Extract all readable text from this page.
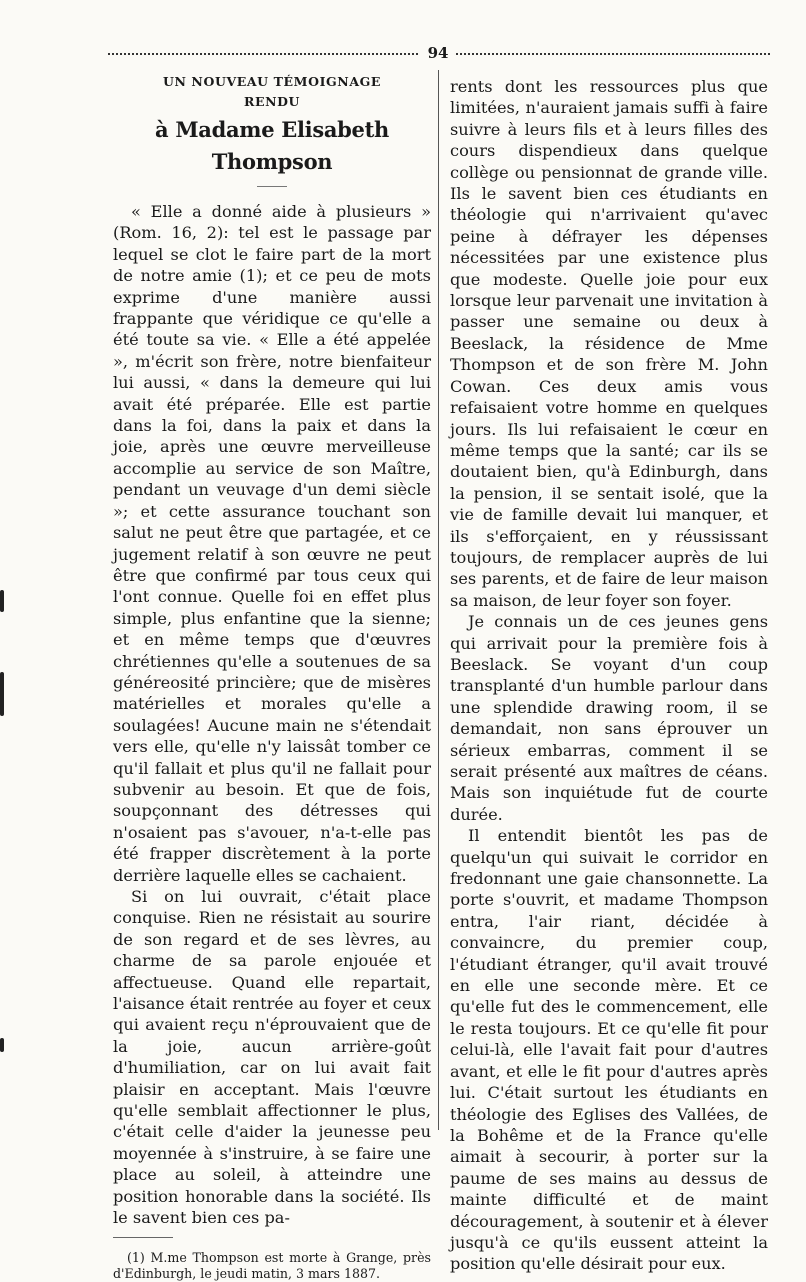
94
UN NOUVEAU TÉMOIGNAGE
RENDU
à Madame Elisabeth Thompson

« Elle a donné aide à plusieurs » (Rom. 16, 2): tel est le passage par lequel se clot le faire part de la mort de notre amie (1); et ce peu de mots exprime d'une manière aussi frappante que véridique ce qu'elle a été toute sa vie. « Elle a été appelée », m'écrit son frère, notre bienfaiteur lui aussi, « dans la demeure qui lui avait été préparée. Elle est partie dans la foi, dans la paix et dans la joie, après une œuvre merveilleuse accomplie au service de son Maître, pendant un veuvage d'un demi siècle »; et cette assurance touchant son salut ne peut être que partagée, et ce jugement relatif à son œuvre ne peut être que confirmé par tous ceux qui l'ont connue. Quelle foi en effet plus simple, plus enfantine que la sienne; et en même temps que d'œuvres chrétiennes qu'elle a soutenues de sa généreosité princière; que de misères matérielles et morales qu'elle a soulagées! Aucune main ne s'étendait vers elle, qu'elle n'y laissât tomber ce qu'il fallait et plus qu'il ne fallait pour subvenir au besoin. Et que de fois, soupçonnant des détresses qui n'osaient pas s'avouer, n'a-t-elle pas été frapper discrètement à la porte derrière laquelle elles se cachaient.

Si on lui ouvrait, c'était place conquise. Rien ne résistait au sourire de son regard et de ses lèvres, au charme de sa parole enjouée et affectueuse. Quand elle repartait, l'aisance était rentrée au foyer et ceux qui avaient reçu n'éprouvaient que de la joie, aucun arrière-goût d'humiliation, car on lui avait fait plaisir en acceptant. Mais l'œuvre qu'elle semblait affectionner le plus, c'était celle d'aider la jeunesse peu moyennée à s'instruire, à se faire une place au soleil, à atteindre une position honorable dans la société. Ils le savent bien ces pa-

(1) M.me Thompson est morte à Grange, près d'Edinburgh, le jeudi matin, 3 mars 1887.

rents dont les ressources plus que limitées, n'auraient jamais suffi à faire suivre à leurs fils et à leurs filles des cours dispendieux dans quelque collège ou pensionnat de grande ville. Ils le savent bien ces étudiants en théologie qui n'arrivaient qu'avec peine à défrayer les dépenses nécessitées par une existence plus que modeste. Quelle joie pour eux lorsque leur parvenait une invitation à passer une semaine ou deux à Beeslack, la résidence de Mme Thompson et de son frère M. John Cowan. Ces deux amis vous refaisaient votre homme en quelques jours. Ils lui refaisaient le cœur en même temps que la santé; car ils se doutaient bien, qu'à Edinburgh, dans la pension, il se sentait isolé, que la vie de famille devait lui manquer, et ils s'efforçaient, en y réussissant toujours, de remplacer auprès de lui ses parents, et de faire de leur maison sa maison, de leur foyer son foyer.

Je connais un de ces jeunes gens qui arrivait pour la première fois à Beeslack. Se voyant d'un coup transplanté d'un humble parlour dans une splendide drawing room, il se demandait, non sans éprouver un sérieux embarras, comment il se serait présenté aux maîtres de céans. Mais son inquiétude fut de courte durée.

Il entendit bientôt les pas de quelqu'un qui suivait le corridor en fredonnant une gaie chansonnette. La porte s'ouvrit, et madame Thompson entra, l'air riant, décidée à convaincre, du premier coup, l'étudiant étranger, qu'il avait trouvé en elle une seconde mère. Et ce qu'elle fut des le commencement, elle le resta toujours. Et ce qu'elle fit pour celui-là, elle l'avait fait pour d'autres avant, et elle le fit pour d'autres après lui. C'était surtout les étudiants en théologie des Eglises des Vallées, de la Bohême et de la France qu'elle aimait à secourir, à porter sur la paume de ses mains au dessus de mainte difficulté et de maint découragement, à soutenir et à élever jusqu'à ce qu'ils eussent atteint la position qu'elle désirait pour eux.
